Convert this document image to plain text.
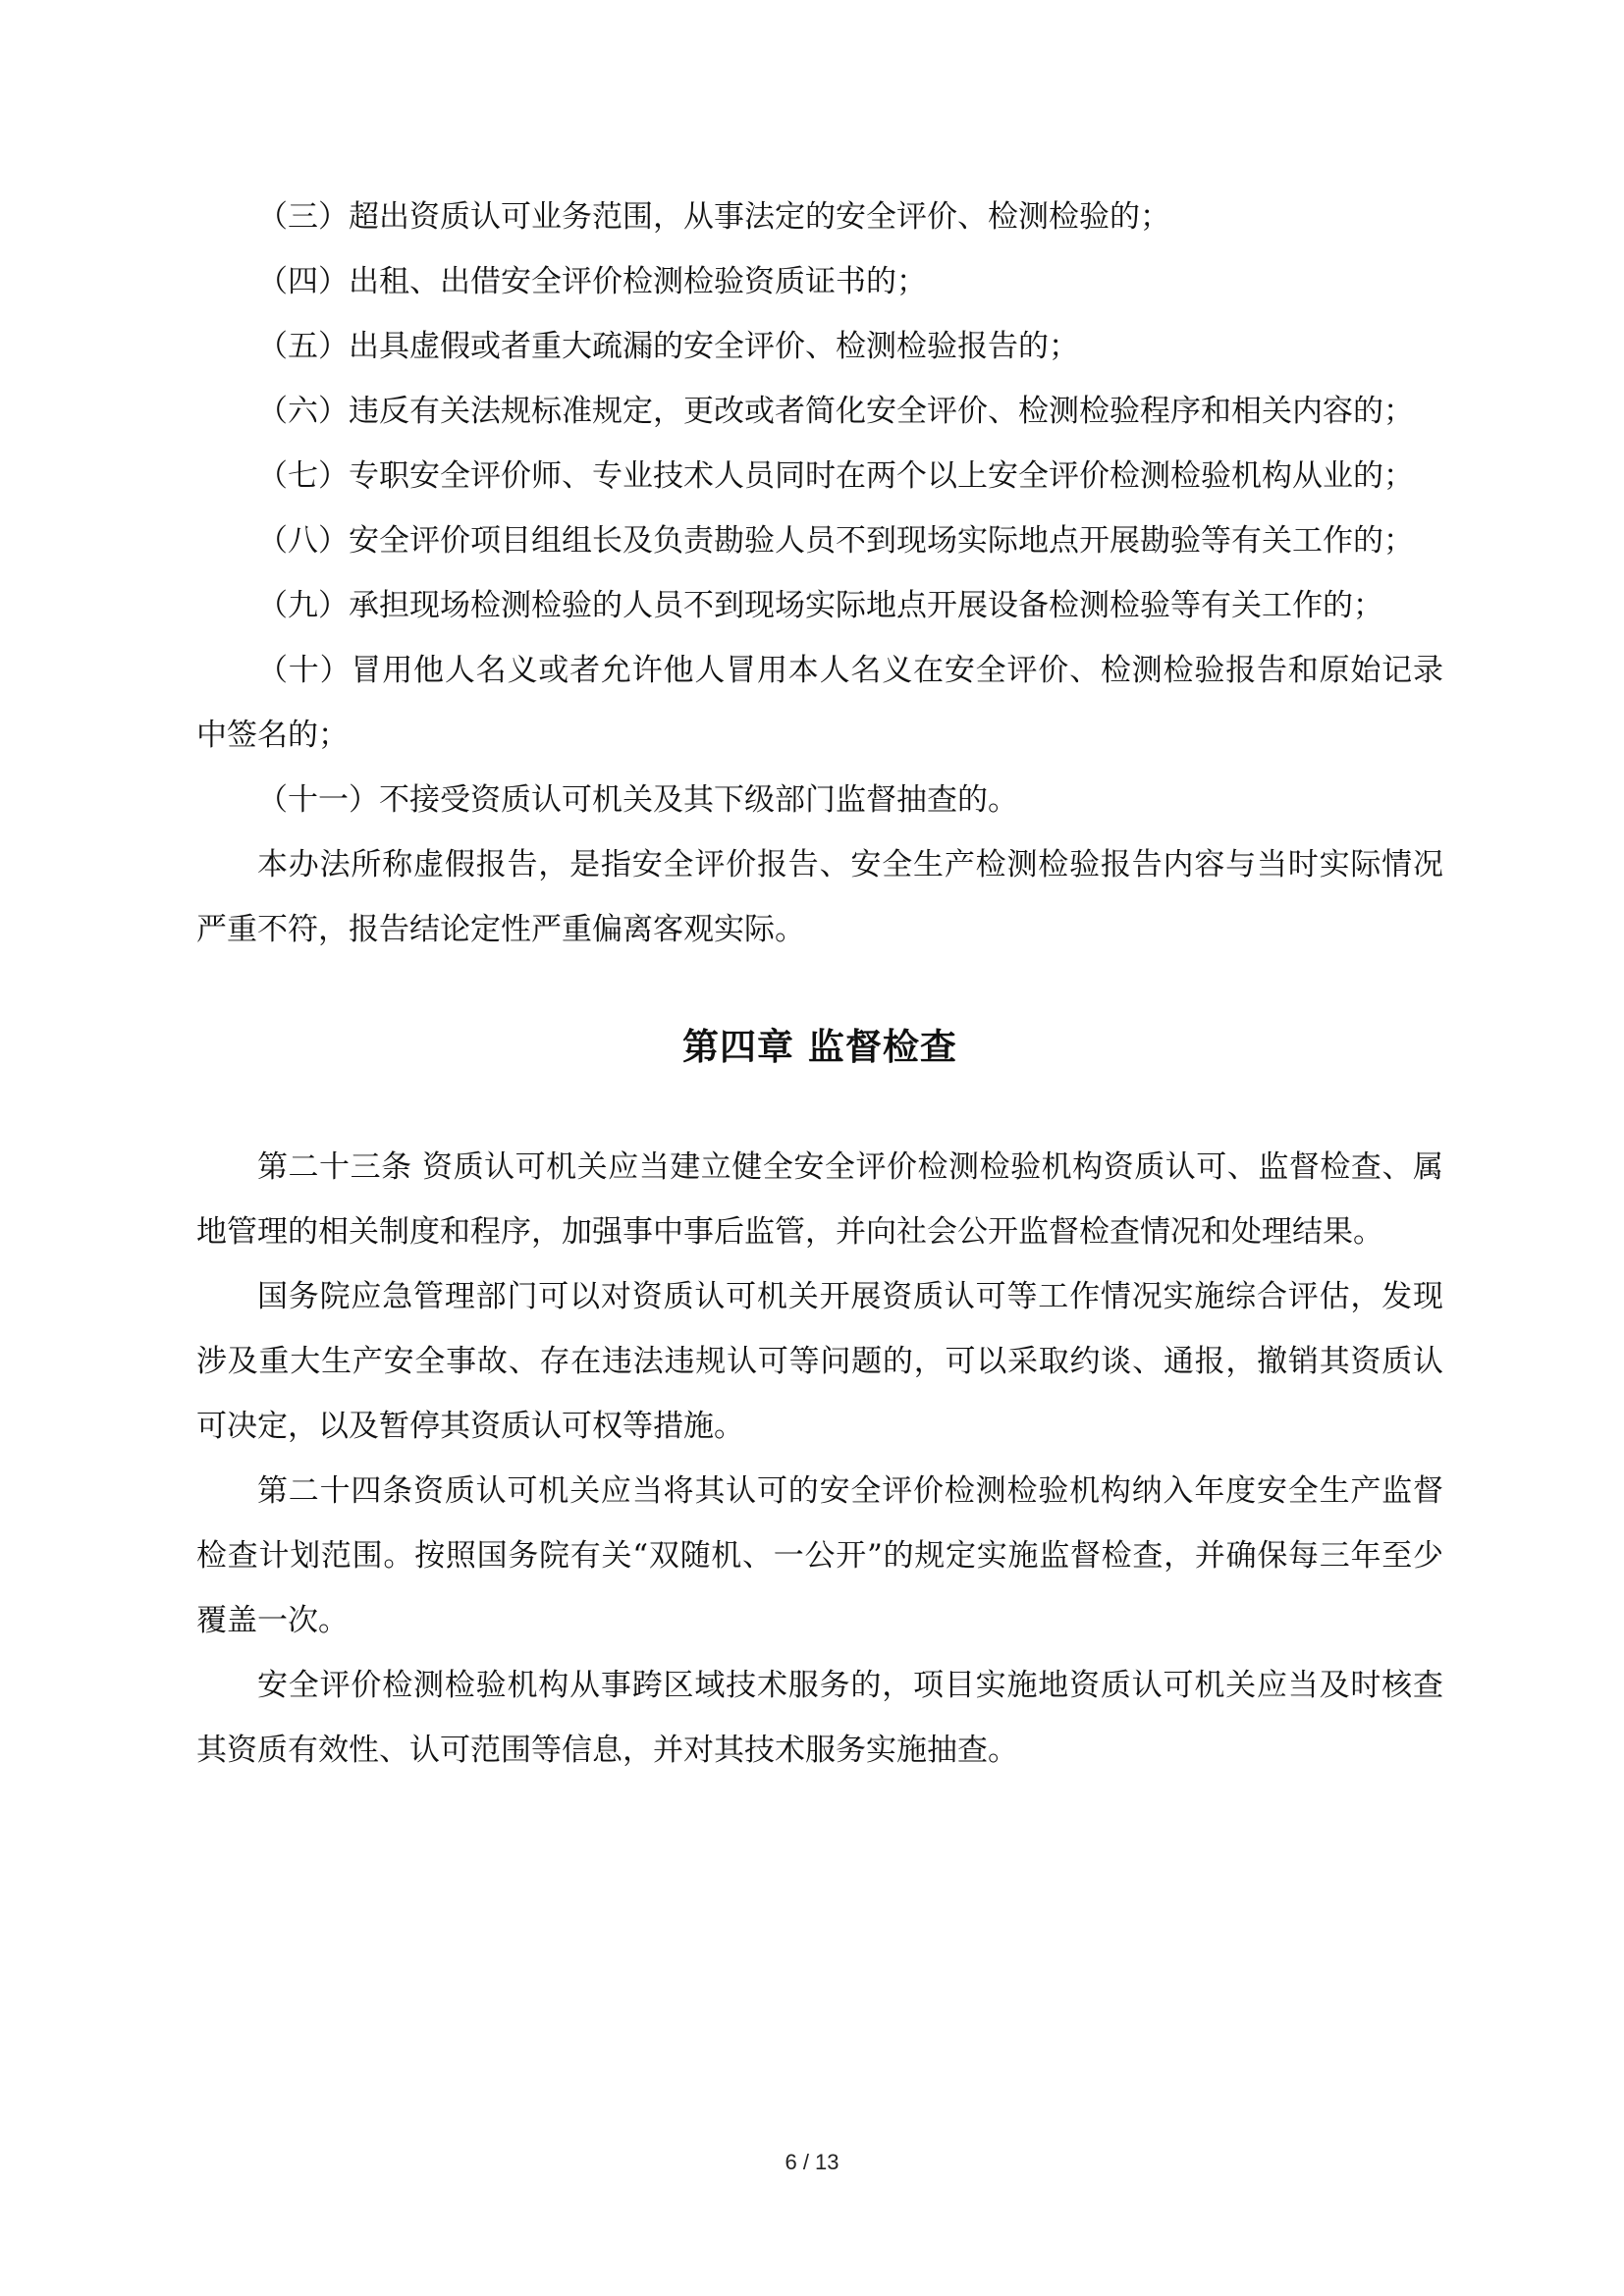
（三）超出资质认可业务范围，从事法定的安全评价、检测检验的；

（四）出租、出借安全评价检测检验资质证书的；

（五）出具虚假或者重大疏漏的安全评价、检测检验报告的；

（六）违反有关法规标准规定，更改或者简化安全评价、检测检验程序和相关内容的；

（七）专职安全评价师、专业技术人员同时在两个以上安全评价检测检验机构从业的；

（八）安全评价项目组组长及负责勘验人员不到现场实际地点开展勘验等有关工作的；

（九）承担现场检测检验的人员不到现场实际地点开展设备检测检验等有关工作的；

（十）冒用他人名义或者允许他人冒用本人名义在安全评价、检测检验报告和原始记录中签名的；

（十一）不接受资质认可机关及其下级部门监督抽查的。

本办法所称虚假报告，是指安全评价报告、安全生产检测检验报告内容与当时实际情况严重不符，报告结论定性严重偏离客观实际。

第四章 监督检查

第二十三条 资质认可机关应当建立健全安全评价检测检验机构资质认可、监督检查、属地管理的相关制度和程序，加强事中事后监管，并向社会公开监督检查情况和处理结果。

国务院应急管理部门可以对资质认可机关开展资质认可等工作情况实施综合评估，发现涉及重大生产安全事故、存在违法违规认可等问题的，可以采取约谈、通报，撤销其资质认可决定，以及暂停其资质认可权等措施。

第二十四条资质认可机关应当将其认可的安全评价检测检验机构纳入年度安全生产监督检查计划范围。按照国务院有关“双随机、一公开”的规定实施监督检查，并确保每三年至少覆盖一次。

安全评价检测检验机构从事跨区域技术服务的，项目实施地资质认可机关应当及时核查其资质有效性、认可范围等信息，并对其技术服务实施抽查。

6 / 13
